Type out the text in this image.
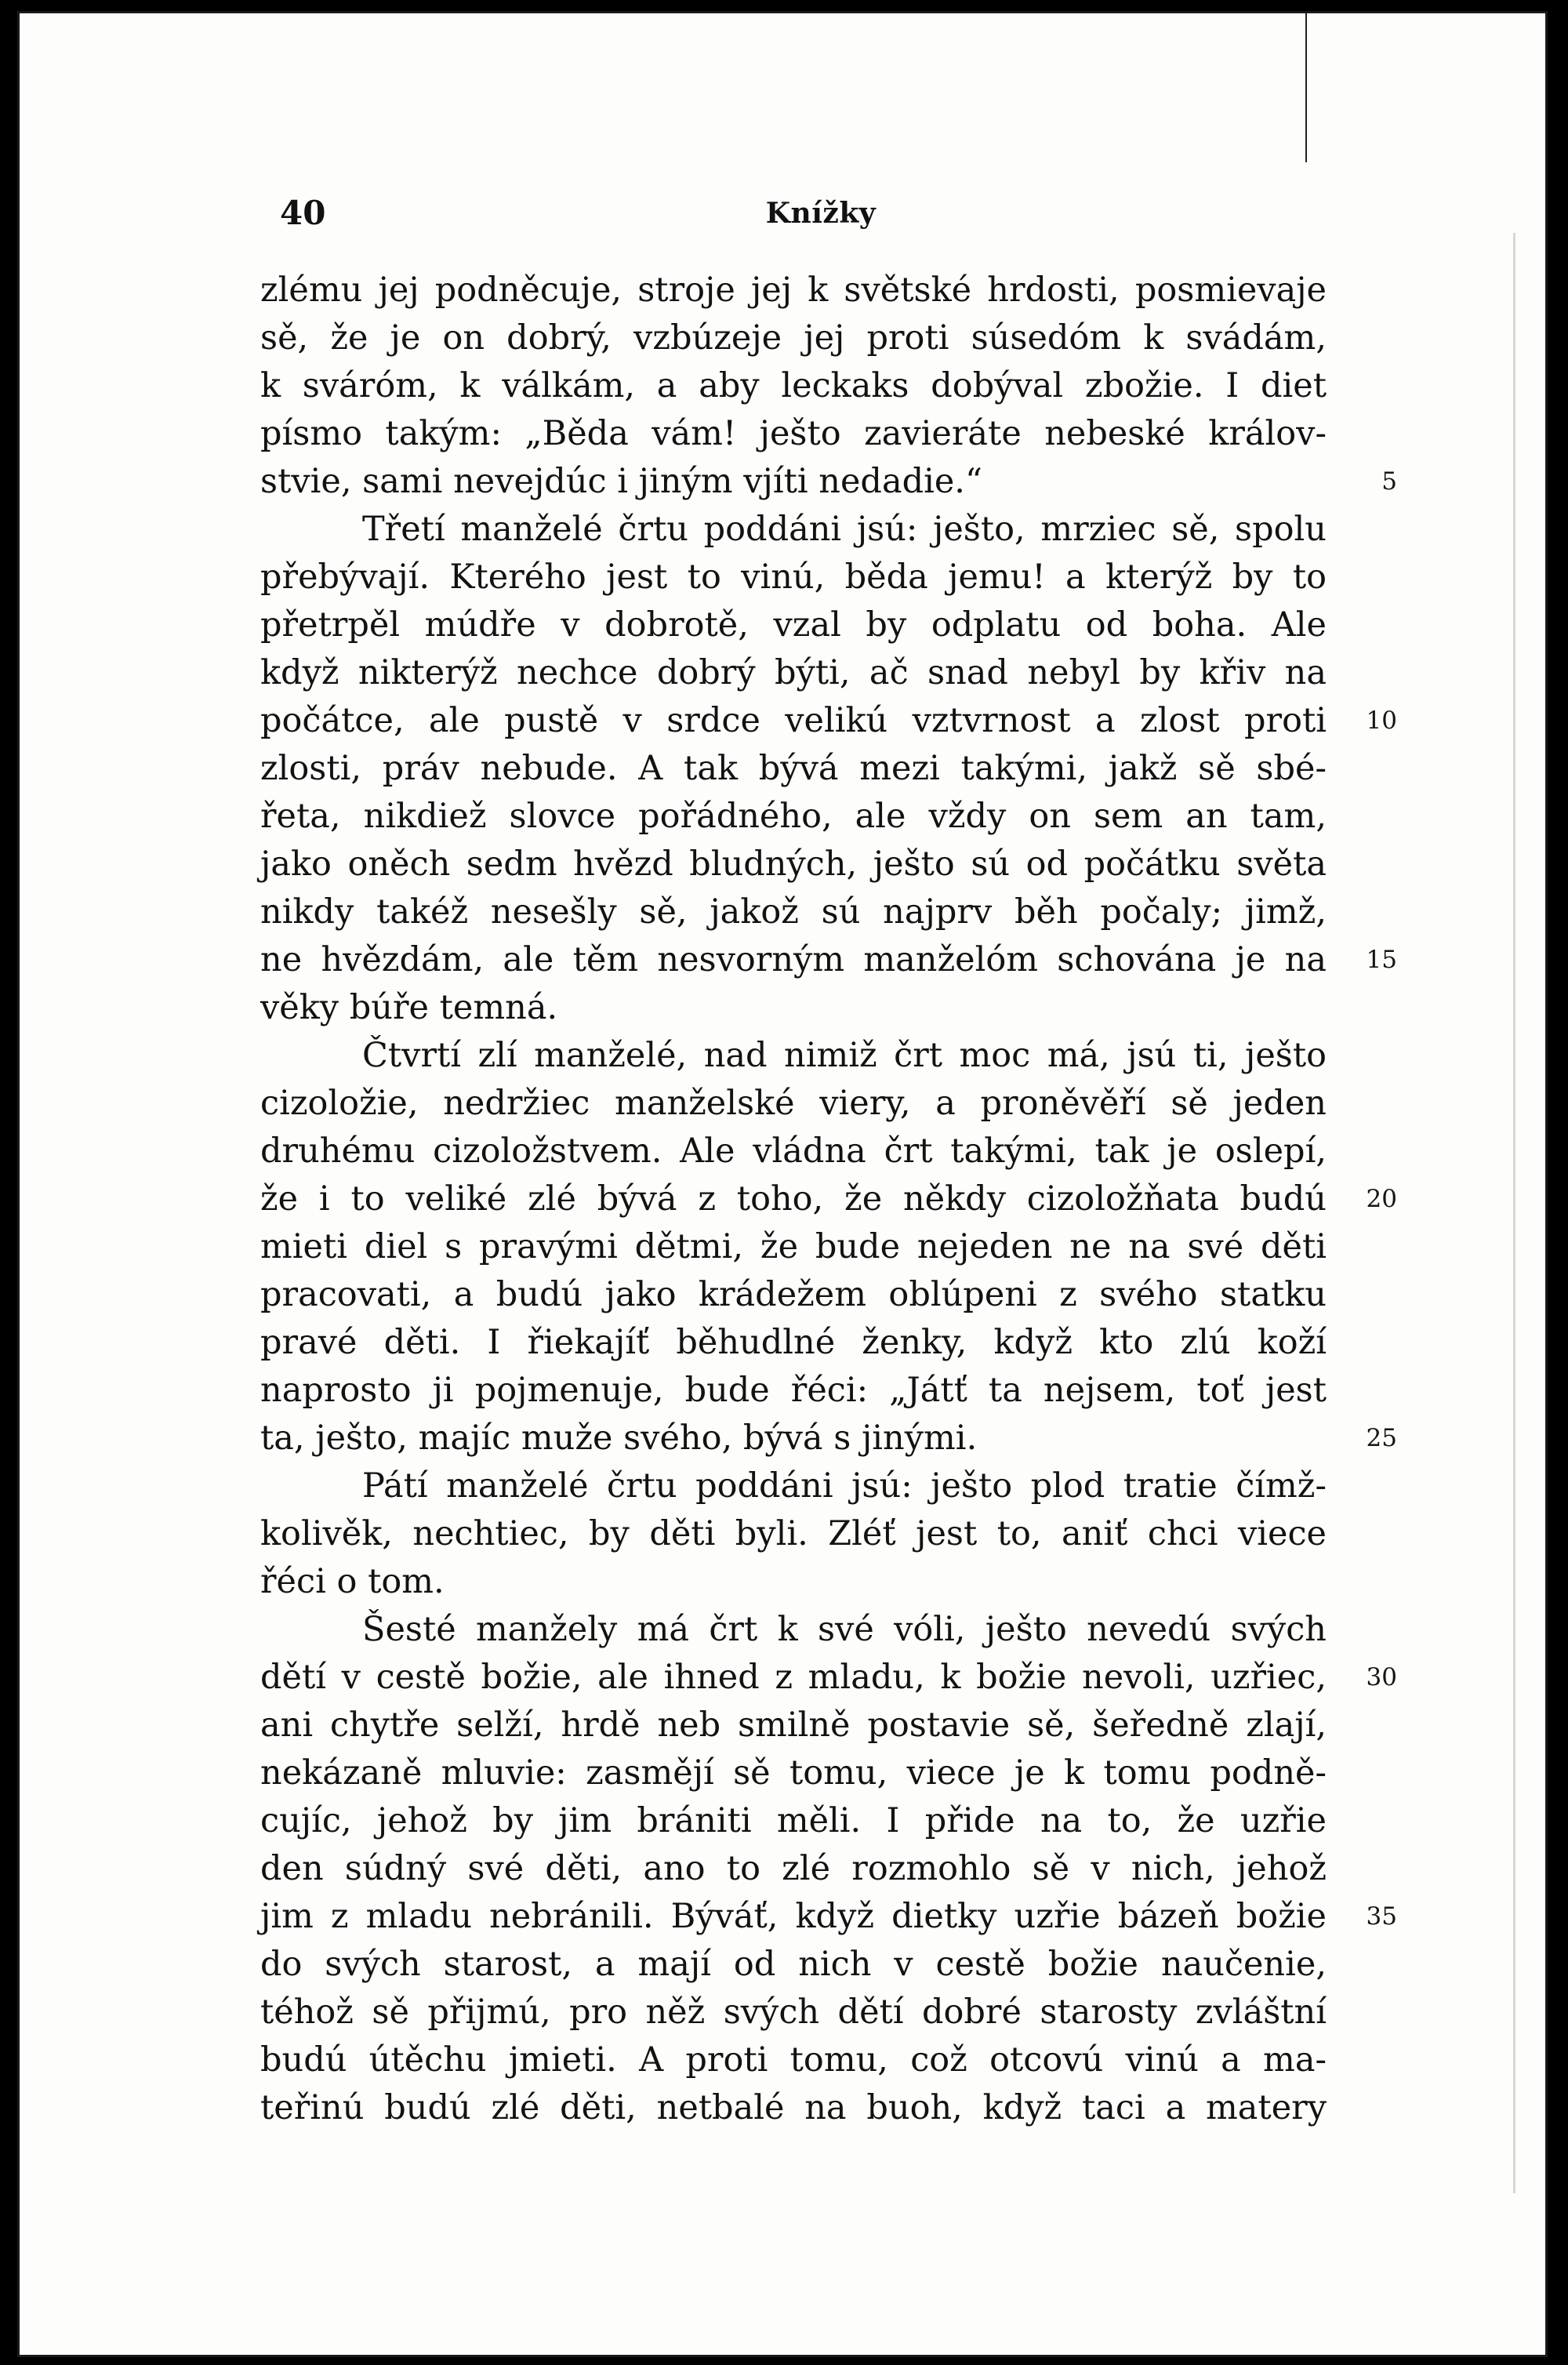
40	Knížky
zlému jej podněcuje, stroje jej k světské hrdosti, posmievaje
sě, že je on dobrý, vzbúzeje jej proti súsedóm k svádám,
k sváróm, k válkám, a aby leckaks dobýval zbožie. I diet
písmo takým: „Běda vám! ješto zavieráte nebeské králov-
stvie, sami nevejdúc i jiným vjíti nedadie.“	5
Třetí manželé črtu poddáni jsú: ješto, mrziec sě, spolu
přebývají. Kterého jest to vinú, běda jemu! a kterýž by to
přetrpěl múdře v dobrotě, vzal by odplatu od boha. Ale
když nikterýž nechce dobrý býti, ač snad nebyl by křiv na
počátce, ale pustě v srdce velikú vztvrnost a zlost proti	10
zlosti, práv nebude. A tak bývá mezi takými, jakž sě sbé-
řeta, nikdiež slovce pořádného, ale vždy on sem an tam,
jako oněch sedm hvězd bludných, ješto sú od počátku světa
nikdy takéž nesešly sě, jakož sú najprv běh počaly; jimž,
ne hvězdám, ale těm nesvorným manželóm schována je na	15
věky búře temná.
Čtvrtí zlí manželé, nad nimiž črt moc má, jsú ti, ješto
cizoložie, nedržiec manželské viery, a proněvěří sě jeden
druhému cizoložstvem. Ale vládna črt takými, tak je oslepí,
že i to veliké zlé bývá z toho, že někdy cizoložňata budú	20
mieti diel s pravými dětmi, že bude nejeden ne na své děti
pracovati, a budú jako krádežem oblúpeni z svého statku
pravé děti. I řiekajíť běhudlné ženky, když kto zlú koží
naprosto ji pojmenuje, bude řéci: „Játť ta nejsem, toť jest
ta, ješto, majíc muže svého, bývá s jinými.	25
Pátí manželé črtu poddáni jsú: ješto plod tratie čímž-
kolivěk, nechtiec, by děti byli. Zléť jest to, aniť chci viece
řéci o tom.
Šesté manžely má črt k své vóli, ješto nevedú svých
dětí v cestě božie, ale ihned z mladu, k božie nevoli, uzřiec,	30
ani chytře selží, hrdě neb smilně postavie sě, šeředně zlají,
nekázaně mluvie: zasmějí sě tomu, viece je k tomu podně-
cujíc, jehož by jim brániti měli. I přide na to, že uzřie
den súdný své děti, ano to zlé rozmohlo sě v nich, jehož
jim z mladu nebránili. Býváť, když dietky uzřie bázeň božie	35
do svých starost, a mají od nich v cestě božie naučenie,
téhož sě přijmú, pro něž svých dětí dobré starosty zvláštní
budú útěchu jmieti. A proti tomu, což otcovú vinú a ma-
teřinú budú zlé děti, netbalé na buoh, když taci a matery
